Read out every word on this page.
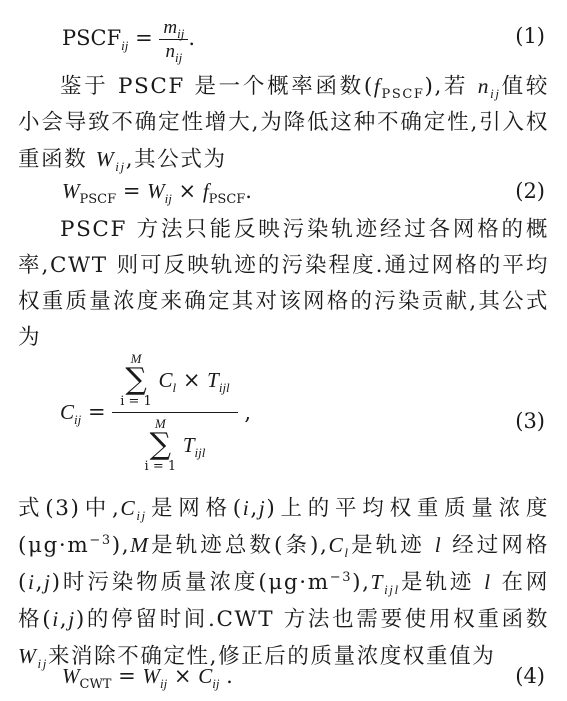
$PSCF_{ij} = \frac{m_{ij}}{n_{ij}}$ .	(1)
鉴于 PSCF 是一个概率函数$(f_{PSCF})$,若 $n_{ij}$值较小会导致不确定性增大,为降低这种不确定性,引入权重函数 $W_{ij}$,其公式为
$W_{PSCF} = W_{ij} \times f_{PSCF}$.	(2)
PSCF 方法只能反映污染轨迹经过各网格的概率,CWT 则可反映轨迹的污染程度.通过网格的平均权重质量浓度来确定其对该网格的污染贡献,其公式为
$C_{ij}$ =
M
∑
i = 1
$C_l \times T_{ijl}$
M
∑
i = 1
$T_{ijl}$
,	(3)
式(3)中$,C_{ij}$是网格(i,j)上的平均权重质量浓度$(\mu g\cdot m^{-3}),M$是轨迹总数(条)$,C_l$是轨迹 l 经过网格(i,j)时污染物质量浓度$(\mu g\cdot m^{-3}),T_{ijl}$是轨迹 l 在网格(i,j)的停留时间.CWT 方法也需要使用权重函数 $W_{ij}$来消除不确定性,修正后的质量浓度权重值为
$W_{CWT} = W_{ij} \times C_{ij}$ .	(4)
